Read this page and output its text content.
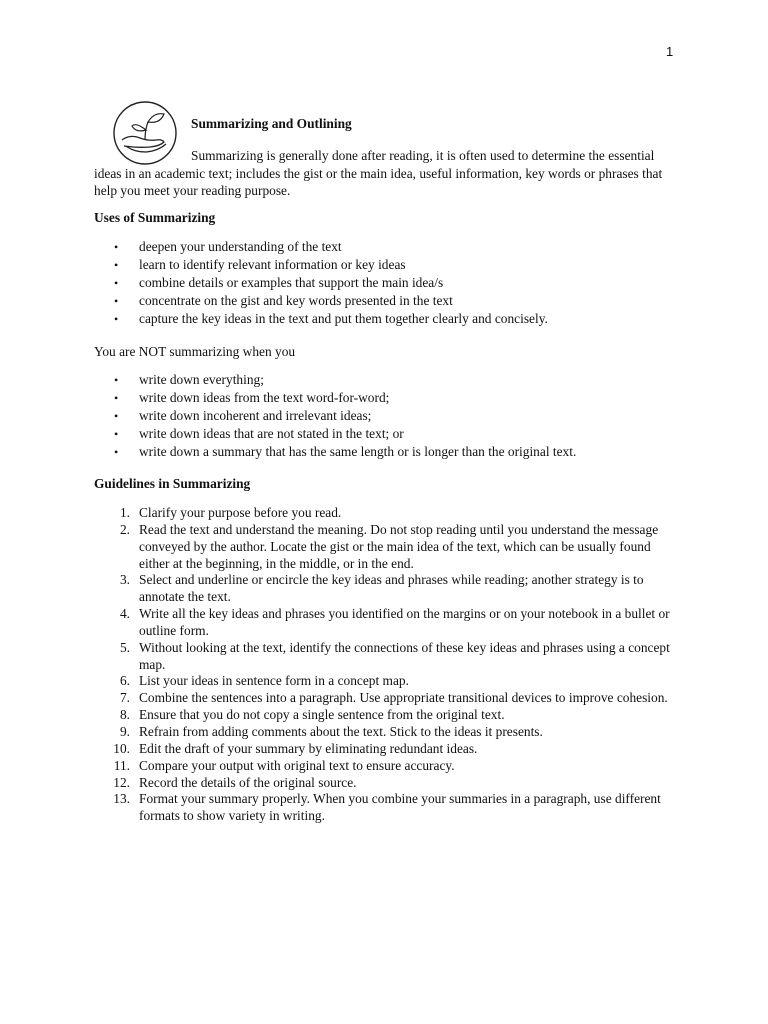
1
Summarizing and Outlining

Summarizing is generally done after reading, it is often used to determine the essential ideas in an academic text; includes the gist or the main idea, useful information, key words or phrases that help you meet your reading purpose.

Uses of Summarizing
• deepen your understanding of the text
• learn to identify relevant information or key ideas
• combine details or examples that support the main idea/s
• concentrate on the gist and key words presented in the text
• capture the key ideas in the text and put them together clearly and concisely.

You are NOT summarizing when you

• write down everything;
• write down ideas from the text word-for-word;
• write down incoherent and irrelevant ideas;
• write down ideas that are not stated in the text; or
• write down a summary that has the same length or is longer than the original text.
Guidelines in Summarizing
1. Clarify your purpose before you read.
2. Read the text and understand the meaning. Do not stop reading until you understand the message conveyed by the author. Locate the gist or the main idea of the text, which can be usually found either at the beginning, in the middle, or in the end.
3. Select and underline or encircle the key ideas and phrases while reading; another strategy is to annotate the text.
4. Write all the key ideas and phrases you identified on the margins or on your notebook in a bullet or outline form.
5. Without looking at the text, identify the connections of these key ideas and phrases using a concept map.
6. List your ideas in sentence form in a concept map.
7. Combine the sentences into a paragraph. Use appropriate transitional devices to improve cohesion.
8. Ensure that you do not copy a single sentence from the original text.
9. Refrain from adding comments about the text. Stick to the ideas it presents.
10. Edit the draft of your summary by eliminating redundant ideas.
11. Compare your output with original text to ensure accuracy.
12. Record the details of the original source.
13. Format your summary properly. When you combine your summaries in a paragraph, use different formats to show variety in writing.
